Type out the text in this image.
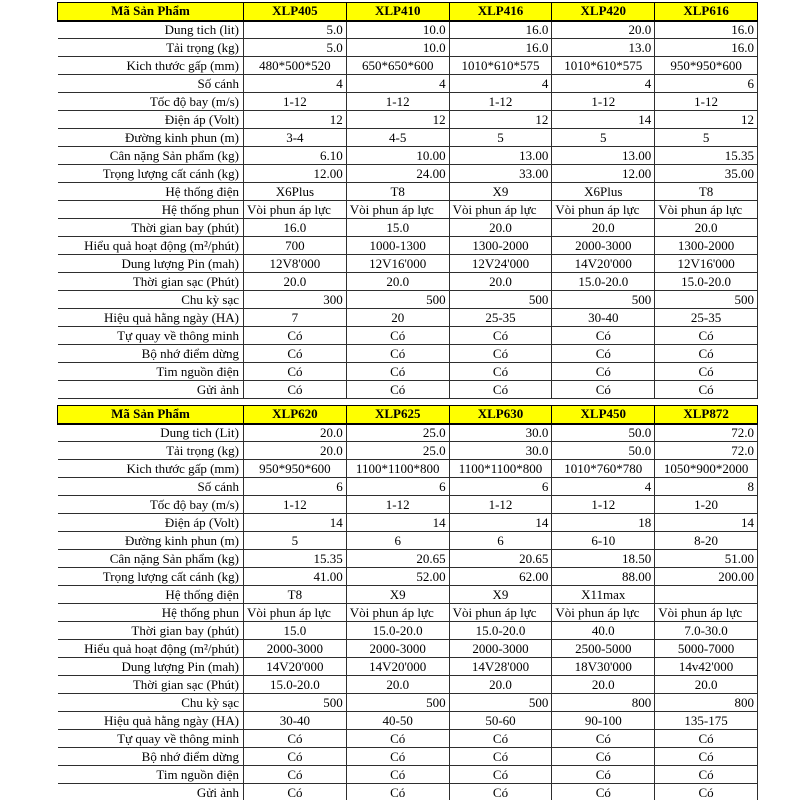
Mã Sản Phẩm	XLP405	XLP410	XLP416	XLP420	XLP616
Dung tich (lit)	5.0	10.0	16.0	20.0	16.0
Tải trọng (kg)	5.0	10.0	16.0	13.0	16.0
Kich thước gấp (mm)	480*500*520	650*650*600	1010*610*575	1010*610*575	950*950*600
Số cánh	4	4	4	4	6
Tốc độ bay (m/s)	1-12	1-12	1-12	1-12	1-12
Điện áp (Volt)	12	12	12	14	12
Đường kinh phun (m)	3-4	4-5	5	5	5
Cân nặng Sản phẩm (kg)	6.10	10.00	13.00	13.00	15.35
Trọng lượng cất cánh (kg)	12.00	24.00	33.00	12.00	35.00
Hệ thống điện	X6Plus	T8	X9	X6Plus	T8
Hệ thống phun	Vòi phun áp lực	Vòi phun áp lực	Vòi phun áp lực	Vòi phun áp lực	Vòi phun áp lực
Thời gian bay (phút)	16.0	15.0	20.0	20.0	20.0
Hiểu quả hoạt động (m²/phút)	700	1000-1300	1300-2000	2000-3000	1300-2000
Dung lượng Pin (mah)	12V8'000	12V16'000	12V24'000	14V20'000	12V16'000
Thời gian sạc (Phút)	20.0	20.0	20.0	15.0-20.0	15.0-20.0
Chu kỳ sạc	300	500	500	500	500
Hiệu quả hằng ngày (HA)	7	20	25-35	30-40	25-35
Tự quay về thông minh	Có	Có	Có	Có	Có
Bộ nhớ điểm dừng	Có	Có	Có	Có	Có
Tim nguồn điện	Có	Có	Có	Có	Có
Gửi ảnh	Có	Có	Có	Có	Có
Mã Sản Phẩm	XLP620	XLP625	XLP630	XLP450	XLP872
Dung tich (Lit)	20.0	25.0	30.0	50.0	72.0
Tải trọng (kg)	20.0	25.0	30.0	50.0	72.0
Kich thước gấp (mm)	950*950*600	1100*1100*800	1100*1100*800	1010*760*780	1050*900*2000
Số cánh	6	6	6	4	8
Tốc độ bay (m/s)	1-12	1-12	1-12	1-12	1-20
Điện áp (Volt)	14	14	14	18	14
Đường kinh phun (m)	5	6	6	6-10	8-20
Cân nặng Sản phẩm (kg)	15.35	20.65	20.65	18.50	51.00
Trọng lượng cất cánh (kg)	41.00	52.00	62.00	88.00	200.00
Hệ thống điện	T8	X9	X9	X11max	
Hệ thống phun	Vòi phun áp lực	Vòi phun áp lực	Vòi phun áp lực	Vòi phun áp lực	Vòi phun áp lực
Thời gian bay (phút)	15.0	15.0-20.0	15.0-20.0	40.0	7.0-30.0
Hiểu quả hoạt động (m²/phút)	2000-3000	2000-3000	2000-3000	2500-5000	5000-7000
Dung lượng Pin (mah)	14V20'000	14V20'000	14V28'000	18V30'000	14v42'000
Thời gian sạc (Phút)	15.0-20.0	20.0	20.0	20.0	20.0
Chu kỳ sạc	500	500	500	800	800
Hiệu quả hằng ngày (HA)	30-40	40-50	50-60	90-100	135-175
Tự quay về thông minh	Có	Có	Có	Có	Có
Bộ nhớ điểm dừng	Có	Có	Có	Có	Có
Tim nguồn điện	Có	Có	Có	Có	Có
Gửi ảnh	Có	Có	Có	Có	Có
